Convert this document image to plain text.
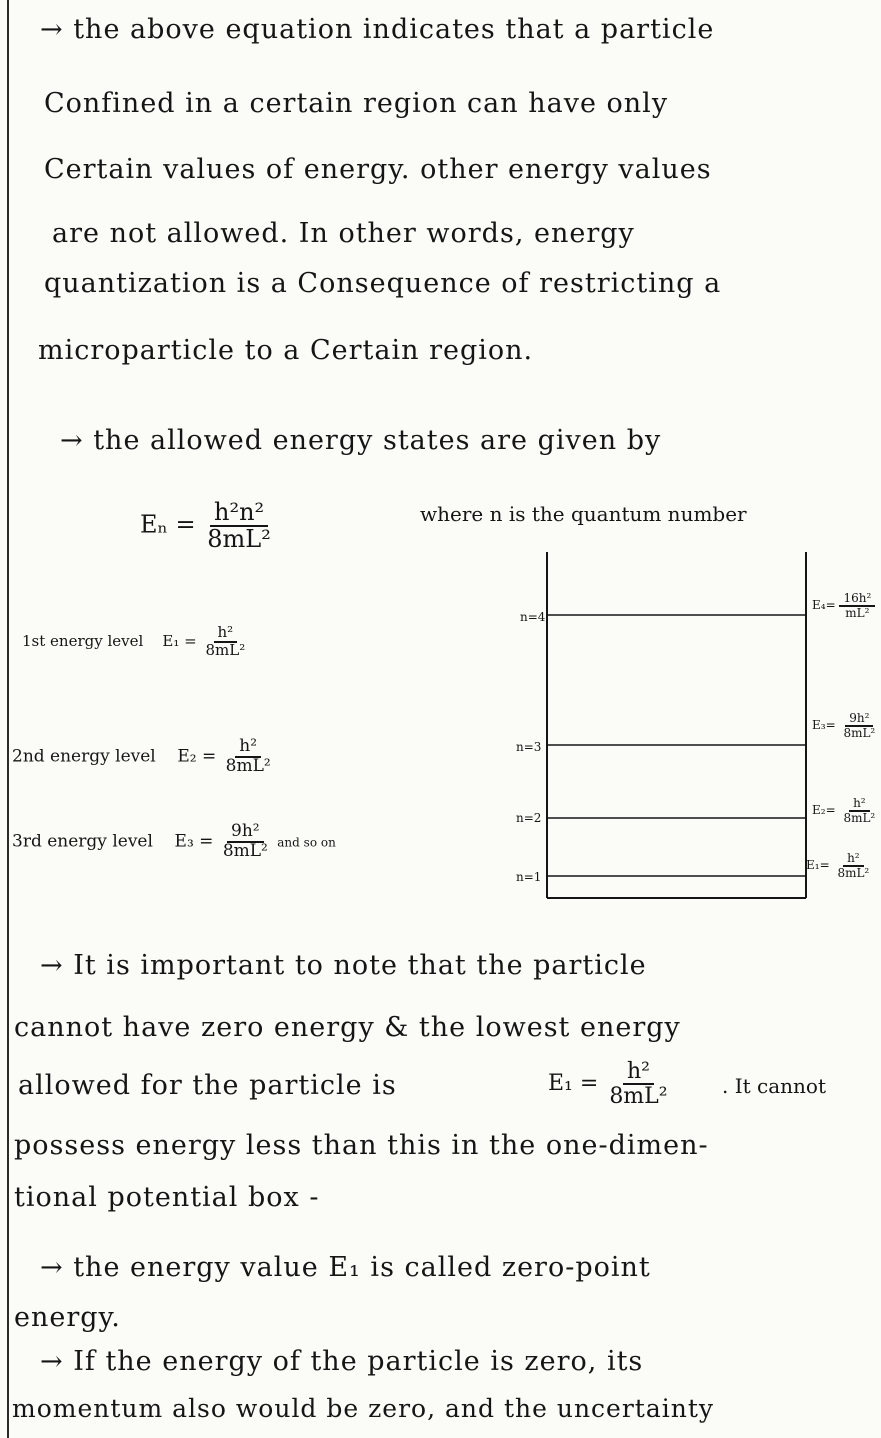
→ the above equation indicates that a particle
Confined in a certain region can have only
Certain values of energy. other energy values
are not allowed. In other words, energy
quantization is a Consequence of restricting a
microparticle to a Certain region.
→ the allowed energy states are given by
$E_n = \frac{\text{h²n²}}{\text{8mL²}}$	where n is the quantum number
1st energy level $E_1 = \frac{\text{h²}}{\text{8mL²}}$
2nd energy level $E_2 = \frac{\text{h²}}{\text{8mL²}}$
3rd energy level $E_3 = \frac{\text{9h²}}{\text{8mL²}}$ and so on
n=4
n=3
n=2
n=1
$E_4= \frac{\text{16h²}}{\text{mL²}}$
$E_3= \frac{\text{9h²}}{\text{8mL²}}$
$E_2= \frac{\text{h²}}{\text{8mL²}}$
$E_1= \frac{\text{h²}}{\text{8mL²}}$
→ It is important to note that the particle
cannot have zero energy & the lowest energy
allowed for the particle is	$E_1 = \frac{\text{h²}}{\text{8mL²}}$	. It cannot
possess energy less than this in the one-dimen-
tional potential box -
→ the energy value E₁ is called zero-point
energy.
→ If the energy of the particle is zero, its
momentum also would be zero, and the uncertainty
